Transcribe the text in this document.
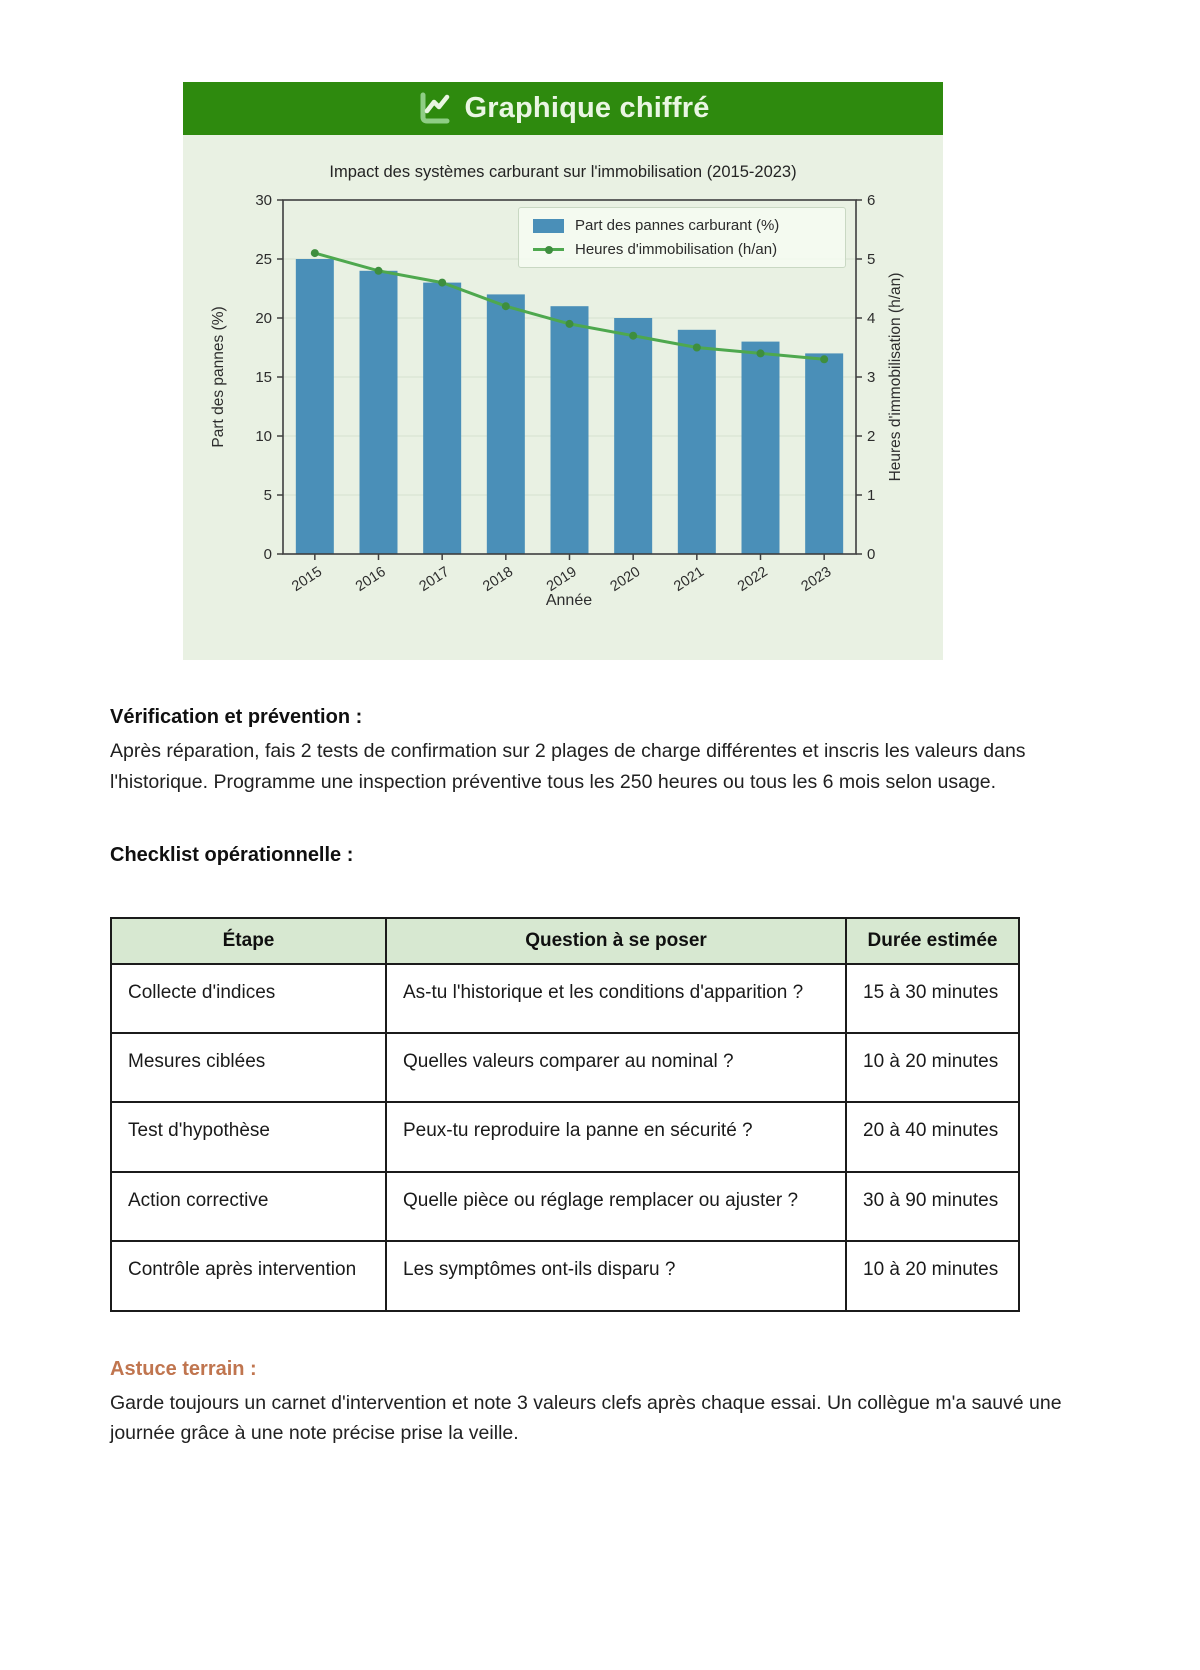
Graphique chiffré
Impact des systèmes carburant sur l'immobilisation (2015-2023)
0
5
10
15
20
25
30
0
1
2
3
4
5
6
2015 2016 2017 2018 2019 2020 2021 2022 2023
Année
Part des pannes (%)	Heures d'immobilisation (h/an)
Part des pannes carburant (%)
Heures d'immobilisation (h/an)
Vérification et prévention :
Après réparation, fais 2 tests de confirmation sur 2 plages de charge différentes et inscris les valeurs dans l'historique. Programme une inspection préventive tous les 250 heures ou tous les 6 mois selon usage.
Checklist opérationnelle :
Étape	Question à se poser	Durée estimée
Collecte d'indices	As-tu l'historique et les conditions d'apparition ?	15 à 30 minutes
Mesures ciblées	Quelles valeurs comparer au nominal ?	10 à 20 minutes
Test d'hypothèse	Peux-tu reproduire la panne en sécurité ?	20 à 40 minutes
Action corrective	Quelle pièce ou réglage remplacer ou ajuster ?	30 à 90 minutes
Contrôle après intervention	Les symptômes ont-ils disparu ?	10 à 20 minutes
Astuce terrain :
Garde toujours un carnet d'intervention et note 3 valeurs clefs après chaque essai. Un collègue m'a sauvé une journée grâce à une note précise prise la veille.
